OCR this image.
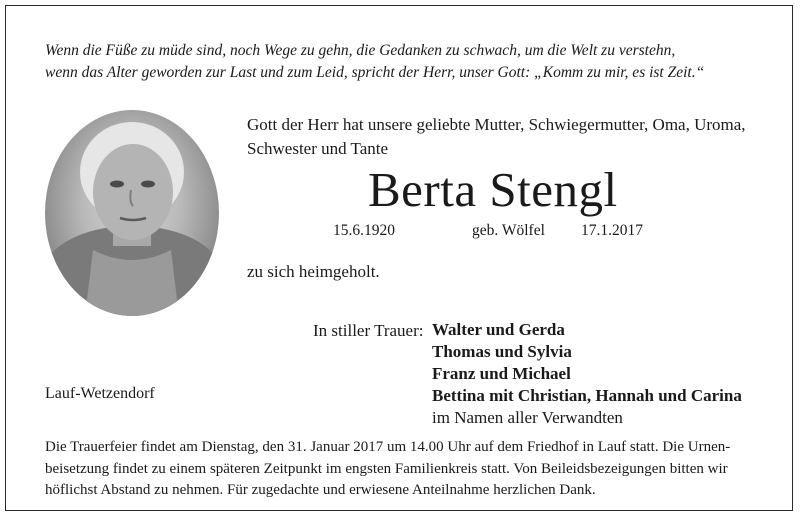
Wenn die Füße zu müde sind, noch Wege zu gehn, die Gedanken zu schwach, um die Welt zu verstehn,
wenn das Alter geworden zur Last und zum Leid, spricht der Herr, unser Gott: „Komm zu mir, es ist Zeit.“
Gott der Herr hat unsere geliebte Mutter, Schwiegermutter, Oma, Uroma,
Schwester und Tante
Berta Stengl
15.6.1920	geb. Wölfel 17.1.2017
zu sich heimgeholt.
In stiller Trauer: Walter und Gerda
Thomas und Sylvia
Franz und Michael
Bettina mit Christian, Hannah und Carina
im Namen aller Verwandten
Lauf-Wetzendorf
Die Trauerfeier findet am Dienstag, den 31. Januar 2017 um 14.00 Uhr auf dem Friedhof in Lauf statt. Die Urnen-
beisetzung findet zu einem späteren Zeitpunkt im engsten Familienkreis statt. Von Beileidsbezeigungen bitten wir
höflichst Abstand zu nehmen. Für zugedachte und erwiesene Anteilnahme herzlichen Dank.
